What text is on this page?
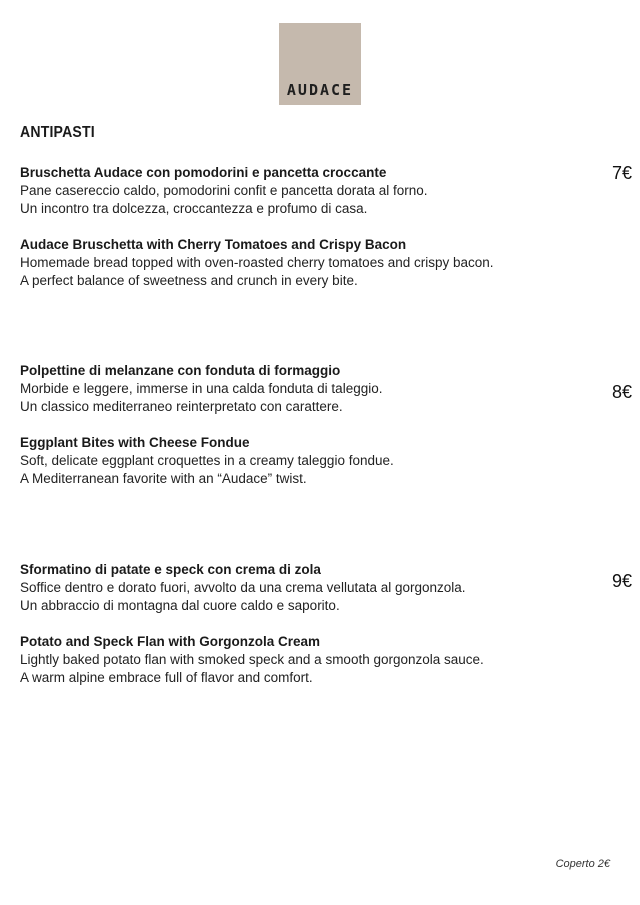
AUDACE
ANTIPASTI

Bruschetta Audace con pomodorini e pancetta croccante

Pane casereccio caldo, pomodorini confit e pancetta dorata al forno.

Un incontro tra dolcezza, croccantezza e profumo di casa.

Audace Bruschetta with Cherry Tomatoes and Crispy Bacon

Homemade bread topped with oven-roasted cherry tomatoes and crispy bacon.

A perfect balance of sweetness and crunch in every bite.

7€

Polpettine di melanzane con fonduta di formaggio

Morbide e leggere, immerse in una calda fonduta di taleggio.

Un classico mediterraneo reinterpretato con carattere.

Eggplant Bites with Cheese Fondue

Soft, delicate eggplant croquettes in a creamy taleggio fondue.

A Mediterranean favorite with an “Audace” twist.

8€

Sformatino di patate e speck con crema di zola

Soffice dentro e dorato fuori, avvolto da una crema vellutata al gorgonzola.

Un abbraccio di montagna dal cuore caldo e saporito.

Potato and Speck Flan with Gorgonzola Cream

Lightly baked potato flan with smoked speck and a smooth gorgonzola sauce.

A warm alpine embrace full of flavor and comfort.

9€
Coperto 2€
